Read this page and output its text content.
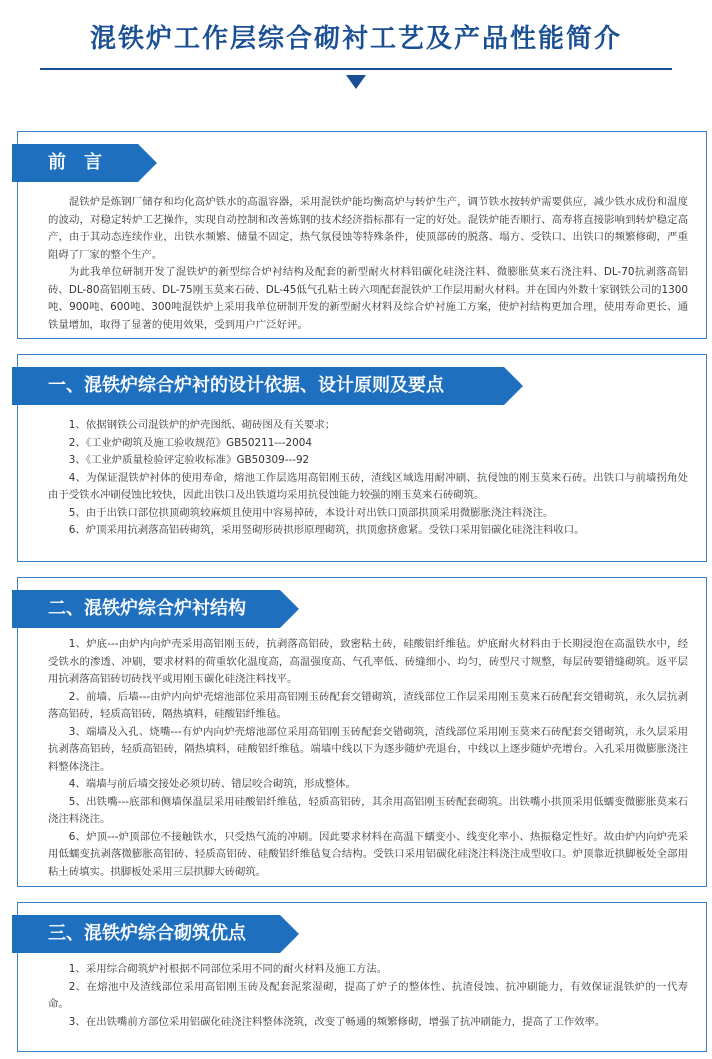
混铁炉工作层综合砌衬工艺及产品性能简介
前　言

混铁炉是炼钢厂储存和均化高炉铁水的高温容器，采用混铁炉能均衡高炉与转炉生产，调节铁水按转炉需要供应，减少铁水成份和温度的波动，对稳定转炉工艺操作，实现自动控制和改善炼钢的技术经济指标都有一定的好处。混铁炉能否顺行、高寿将直接影响到转炉稳定高产，由于其动态连续作业，出铁水频繁、储量不固定，热气氛侵蚀等特殊条件，使顶部砖的脱落、塌方、受铁口、出铁口的频繁修砌，严重阻碍了厂家的整个生产。

为此我单位研制开发了混铁炉的新型综合炉衬结构及配套的新型耐火材料铝碳化硅浇注料、微膨胀莫来石浇注料、DL-70抗剥落高铝砖、DL-80高铝刚玉砖、DL-75刚玉莫来石砖、DL-45低气孔粘土砖六项配套混铁炉工作层用耐火材料。并在国内外数十家钢铁公司的1300吨、900吨、600吨、300吨混铁炉上采用我单位研制开发的新型耐火材料及综合炉衬施工方案，使炉衬结构更加合理，使用寿命更长、通铁量增加，取得了显著的使用效果，受到用户广泛好评。

一、混铁炉综合炉衬的设计依据、设计原则及要点

1、依据钢铁公司混铁炉的炉壳图纸、砌砖图及有关要求；

2、《工业炉砌筑及施工验收规范》GB50211---2004

3、《工业炉质量检验评定验收标准》GB50309---92

4、为保证混铁炉衬体的使用寿命，熔池工作层选用高铝刚玉砖，渣线区域选用耐冲刷、抗侵蚀的刚玉莫来石砖。出铁口与前墙拐角处由于受铁水冲刷侵蚀比较快，因此出铁口及出铁道均采用抗侵蚀能力较强的刚玉莫来石砖砌筑。

5、由于出铁口部位拱顶砌筑较麻烦且使用中容易掉砖，本设计对出铁口顶部拱顶采用微膨胀浇注料浇注。

6、炉顶采用抗剥落高铝砖砌筑，采用竖砌形砖拱形原理砌筑，拱顶愈挤愈紧。受铁口采用铝碳化硅浇注料收口。

二、混铁炉综合炉衬结构

1、炉底---由炉内向炉壳采用高铝刚玉砖，抗剥落高铝砖，致密粘土砖，硅酸铝纤维毡。炉底耐火材料由于长期浸泡在高温铁水中，经受铁水的渗透、冲刷，要求材料的荷重软化温度高，高温强度高、气孔率低、砖缝细小、均匀，砖型尺寸规整，每层砖要错缝砌筑。返平层用抗剥落高铝砖切砖找平或用刚玉碳化硅浇注料找平。

2、前墙、后墙---由炉内向炉壳熔池部位采用高铝刚玉砖配套交错砌筑，渣线部位工作层采用刚玉莫来石砖配套交错砌筑，永久层抗剥落高铝砖，轻质高铝砖，隔热填料，硅酸铝纤维毡。

3、端墙及入孔、烧嘴---有炉内向炉壳熔池部位采用高铝刚玉砖配套交错砌筑，渣线部位采用刚玉莫来石砖配套交错砌筑，永久层采用抗剥落高铝砖，轻质高铝砖，隔热填料，硅酸铝纤维毡。端墙中线以下为逐步随炉壳退台，中线以上逐步随炉壳增台。入孔采用微膨胀浇注料整体浇注。

4、端墙与前后墙交接处必须切砖、错层咬合砌筑，形成整体。

5、出铁嘴---底部和侧墙保温层采用硅酸铝纤维毡，轻质高铝砖，其余用高铝刚玉砖配套砌筑。出铁嘴小拱顶采用低蠕变微膨胀莫来石浇注料浇注。

6、炉顶---炉顶部位不接触铁水，只受热气流的冲刷。因此要求材料在高温下蠕变小、线变化率小、热振稳定性好。故由炉内向炉壳采用低蠕变抗剥落微膨胀高铝砖、轻质高铝砖、硅酸铝纤维毡复合结构。受铁口采用铝碳化硅浇注料浇注成型收口。炉顶靠近拱脚板处全部用粘土砖填实。拱脚板处采用三层拱脚大砖砌筑。

三、混铁炉综合砌筑优点

1、采用综合砌筑炉衬根据不同部位采用不同的耐火材料及施工方法。

2、在熔池中及渣线部位采用高铝刚玉砖及配套泥浆湿砌，提高了炉子的整体性、抗渣侵蚀、抗冲刷能力，有效保证混铁炉的一代寿命。

3、在出铁嘴前方部位采用铝碳化硅浇注料整体浇筑，改变了畅通的频繁修砌，增强了抗冲刷能力，提高了工作效率。
